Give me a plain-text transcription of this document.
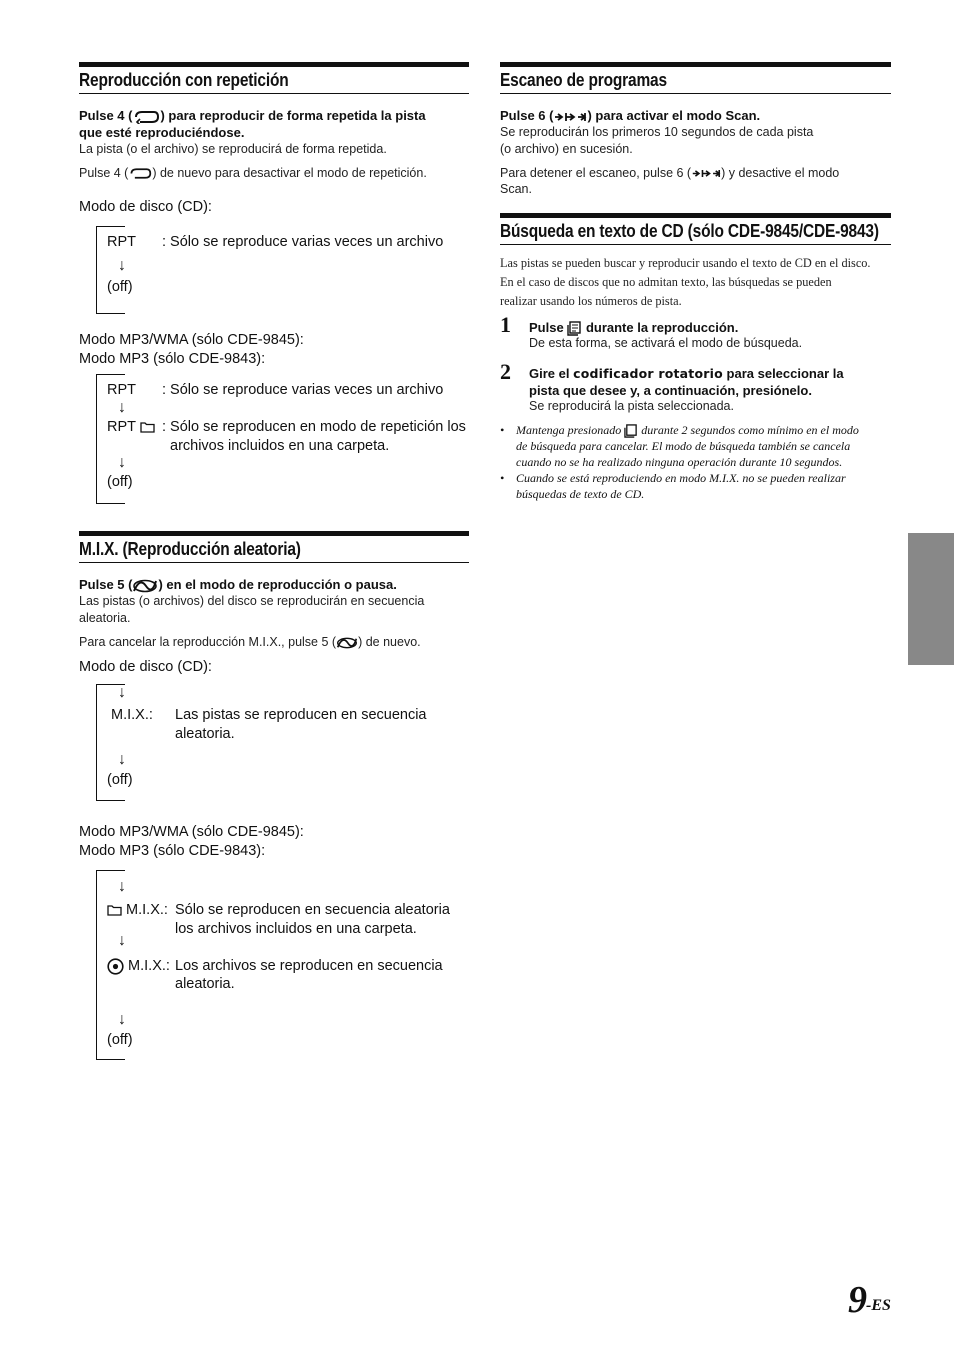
Reproducción con repetición
Pulse 4 ( ) para reproducir de forma repetida la pista
que esté reproduciéndose.
La pista (o el archivo) se reproducirá de forma repetida.
Pulse 4 ( ) de nuevo para desactivar el modo de repetición.
Modo de disco (CD):
RPT : Sólo se reproduce varias veces un archivo
↓
(off)
Modo MP3/WMA (sólo CDE-9845):
Modo MP3 (sólo CDE-9843):
RPT : Sólo se reproduce varias veces un archivo
↓
RPT	: Sólo se reproducen en modo de repetición los
archivos incluidos en una carpeta.
↓
(off)
M.I.X. (Reproducción aleatoria)
Pulse 5 ( ) en el modo de reproducción o pausa.
Las pistas (o archivos) del disco se reproducirán en secuencia
aleatoria.
Para cancelar la reproducción M.I.X., pulse 5 ( ) de nuevo.
Modo de disco (CD):
↓
M.I.X.: Las pistas se reproducen en secuencia
aleatoria.
↓
(off)
Modo MP3/WMA (sólo CDE-9845):
Modo MP3 (sólo CDE-9843):
↓
M.I.X.: Sólo se reproducen en secuencia aleatoria
los archivos incluidos en una carpeta.
↓
M.I.X.: Los archivos se reproducen en secuencia
aleatoria.
↓
(off)
Escaneo de programas
Pulse 6 (	) para activar el modo Scan.
Se reproducirán los primeros 10 segundos de cada pista
(o archivo) en sucesión.
Para detener el escaneo, pulse 6 ( ) y desactive el modo
Scan.
Búsqueda en texto de CD (sólo CDE-9845/CDE-9843)
Las pistas se pueden buscar y reproducir usando el texto de CD en el disco.
En el caso de discos que no admitan texto, las búsquedas se pueden
realizar usando los números de pista.
1 Pulse durante la reproducción.
De esta forma, se activará el modo de búsqueda.
2 Gire el codificador rotatorio para seleccionar la
pista que desee y, a continuación, presiónelo.
Se reproducirá la pista seleccionada.
• Mantenga presionado durante 2 segundos como mínimo en el modo
de búsqueda para cancelar. El modo de búsqueda también se cancela
cuando no se ha realizado ninguna operación durante 10 segundos.
• Cuando se está reproduciendo en modo M.I.X. no se pueden realizar
búsquedas de texto de CD.
9 -ES
